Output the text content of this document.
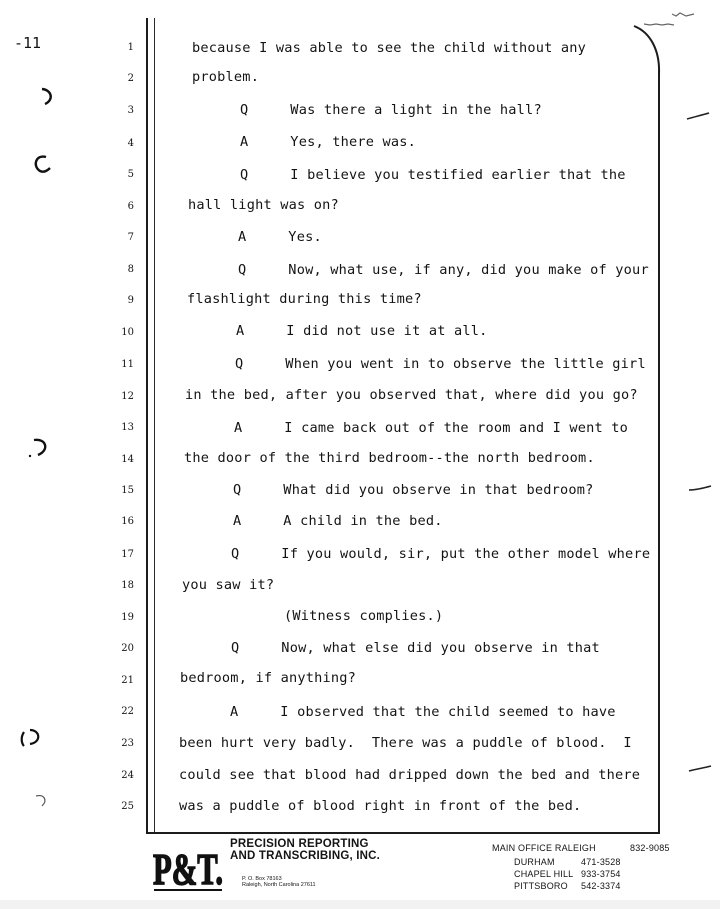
-11	1
2
3
4
5
6
7
8
9
10
11
12
13
14
15
16
17
18
19
20
21
22
23
24
25
because I was able to see the child without any
problem.
Q     Was there a light in the hall?
A     Yes, there was.
Q     I believe you testified earlier that the
hall light was on?
A     Yes.
Q     Now, what use, if any, did you make of your
flashlight during this time?
A     I did not use it at all.
Q     When you went in to observe the little girl
in the bed, after you observed that, where did you go?
A     I came back out of the room and I went to
the door of the third bedroom--the north bedroom.
Q     What did you observe in that bedroom?
A     A child in the bed.
Q     If you would, sir, put the other model where
you saw it?
(Witness complies.)
Q     Now, what else did you observe in that
bedroom, if anything?
A     I observed that the child seemed to have
been hurt very badly.  There was a puddle of blood.  I
could see that blood had dripped down the bed and there
was a puddle of blood right in front of the bed.
P&T.
PRECISION REPORTING
AND TRANSCRIBING, INC.
P. O. Box 78163
Raleigh, North Carolina 27611
MAIN OFFICE RALEIGH	832-9085
DURHAM	471-3528
CHAPEL HILL 933-3754
PITTSBORO 542-3374
